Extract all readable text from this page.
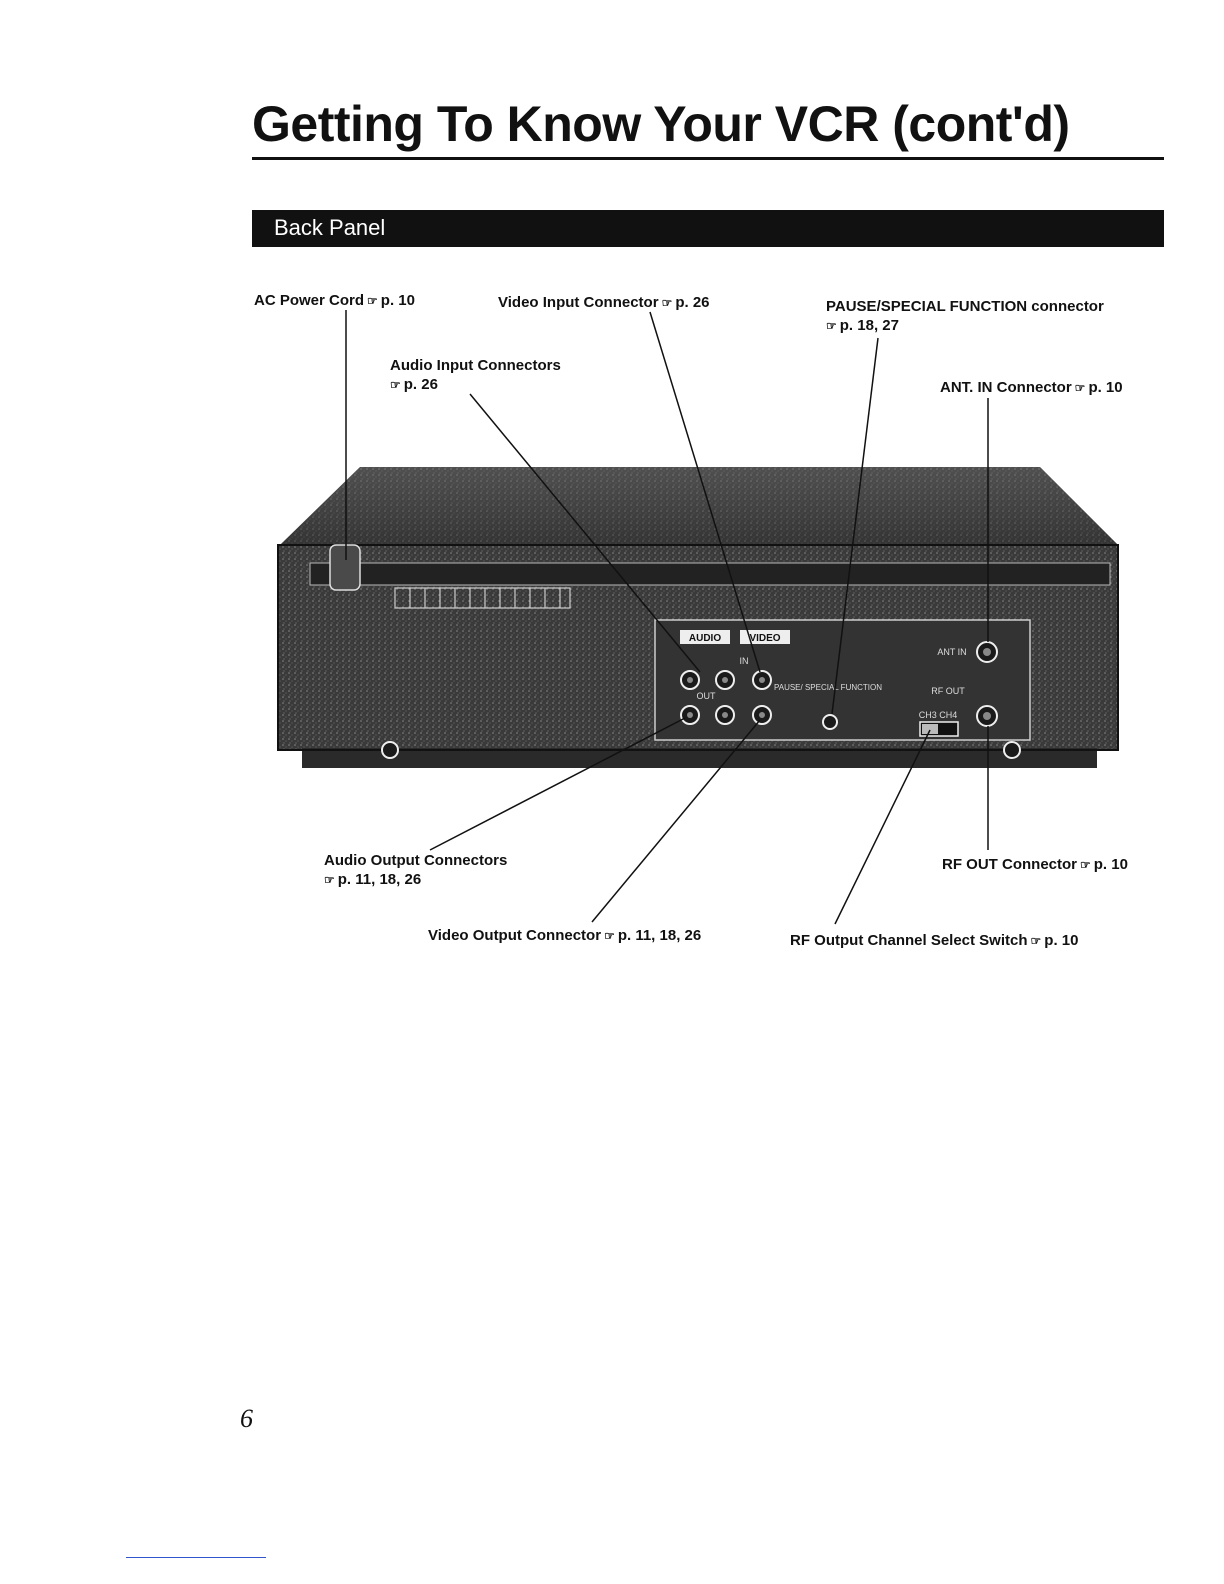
Getting To Know Your VCR (cont'd)
Back Panel
AUDIO	VIDEO
OUT
IN
PAUSE/ SPECIAL FUNCTION
ANT IN
RF OUT
CH3 CH4
AC Power Cord ☞ p. 10	Video Input Connector ☞ p. 26	PAUSE/SPECIAL FUNCTION connector
☞ p. 18, 27
Audio Input Connectors
☞ p. 26	ANT. IN Connector ☞ p. 10
Audio Output Connectors
☞ p. 11, 18, 26
RF OUT Connector ☞ p. 10
Video Output Connector ☞ p. 11, 18, 26	RF Output Channel Select Switch ☞ p. 10
6
